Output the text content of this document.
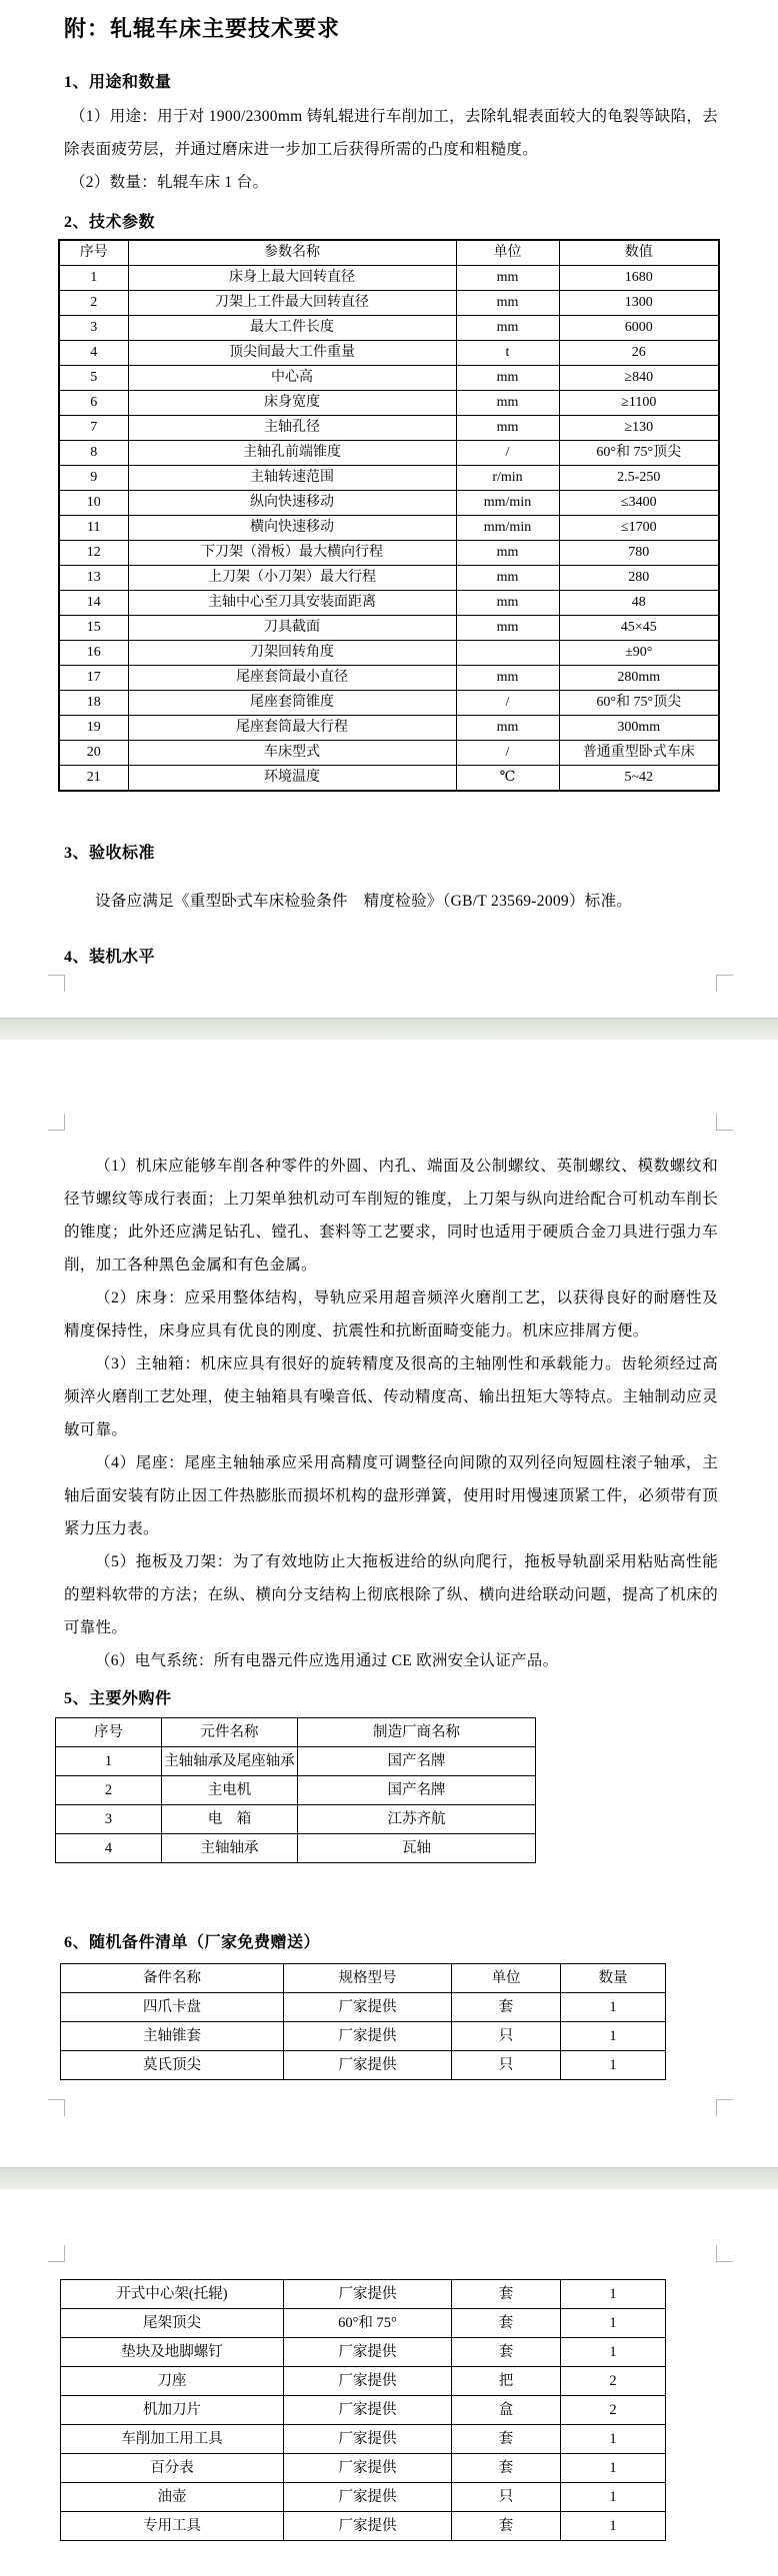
附：轧辊车床主要技术要求
1、用途和数量

（1）用途：用于对 1900/2300mm 铸轧辊进行车削加工，去除轧辊表面较大的龟裂等缺陷，去除表面疲劳层，并通过磨床进一步加工后获得所需的凸度和粗糙度。

（2）数量：轧辊车床 1 台。

2、技术参数
序号	参数名称	单位	数值
1	床身上最大回转直径	mm	1680
2	刀架上工件最大回转直径	mm	1300
3	最大工件长度	mm	6000
4	顶尖间最大工件重量	t	26
5	中心高	mm	≥840
6	床身宽度	mm	≥1100
7	主轴孔径	mm	≥130
8	主轴孔前端锥度	/	60°和 75°顶尖
9	主轴转速范围	r/min	2.5-250
10	纵向快速移动	mm/min	≤3400
11	横向快速移动	mm/min	≤1700
12	下刀架（滑板）最大横向行程	mm	780
13	上刀架（小刀架）最大行程	mm	280
14	主轴中心至刀具安装面距离	mm	48
15	刀具截面	mm	45×45
16	刀架回转角度		±90°
17	尾座套筒最小直径	mm	280mm
18	尾座套筒锥度	/	60°和 75°顶尖
19	尾座套筒最大行程	mm	300mm
20	车床型式	/	普通重型卧式车床
21	环境温度	℃	5~42
3、验收标准

设备应满足《重型卧式车床检验条件　精度检验》（GB/T 23569-2009）标准。

4、装机水平

（1）机床应能够车削各种零件的外圆、内孔、端面及公制螺纹、英制螺纹、模数螺纹和径节螺纹等成行表面；上刀架单独机动可车削短的锥度，上刀架与纵向进给配合可机动车削长的锥度；此外还应满足钻孔、镗孔、套料等工艺要求，同时也适用于硬质合金刀具进行强力车削，加工各种黑色金属和有色金属。

（2）床身：应采用整体结构，导轨应采用超音频淬火磨削工艺，以获得良好的耐磨性及精度保持性，床身应具有优良的刚度、抗震性和抗断面畸变能力。机床应排屑方便。

（3）主轴箱：机床应具有很好的旋转精度及很高的主轴刚性和承载能力。齿轮须经过高频淬火磨削工艺处理，使主轴箱具有噪音低、传动精度高、输出扭矩大等特点。主轴制动应灵敏可靠。

（4）尾座：尾座主轴轴承应采用高精度可调整径向间隙的双列径向短圆柱滚子轴承，主轴后面安装有防止因工件热膨胀而损坏机构的盘形弹簧，使用时用慢速顶紧工件，必须带有顶紧力压力表。

（5）拖板及刀架：为了有效地防止大拖板进给的纵向爬行，拖板导轨副采用粘贴高性能的塑料软带的方法；在纵、横向分支结构上彻底根除了纵、横向进给联动问题，提高了机床的可靠性。

（6）电气系统：所有电器元件应选用通过 CE 欧洲安全认证产品。

5、主要外购件
序号	元件名称	制造厂商名称
1	主轴轴承及尾座轴承	国产名牌
2	主电机	国产名牌
3	电　箱	江苏齐航
4	主轴轴承	瓦轴
6、随机备件清单（厂家免费赠送）
备件名称	规格型号	单位	数量
四爪卡盘	厂家提供	套	1
主轴锥套	厂家提供	只	1
莫氏顶尖	厂家提供	只	1
开式中心架(托辊)	厂家提供	套	1
尾架顶尖	60°和 75°	套	1
垫块及地脚螺钉	厂家提供	套	1
刀座	厂家提供	把	2
机加刀片	厂家提供	盒	2
车削加工用工具	厂家提供	套	1
百分表	厂家提供	套	1
油壶	厂家提供	只	1
专用工具	厂家提供	套	1
